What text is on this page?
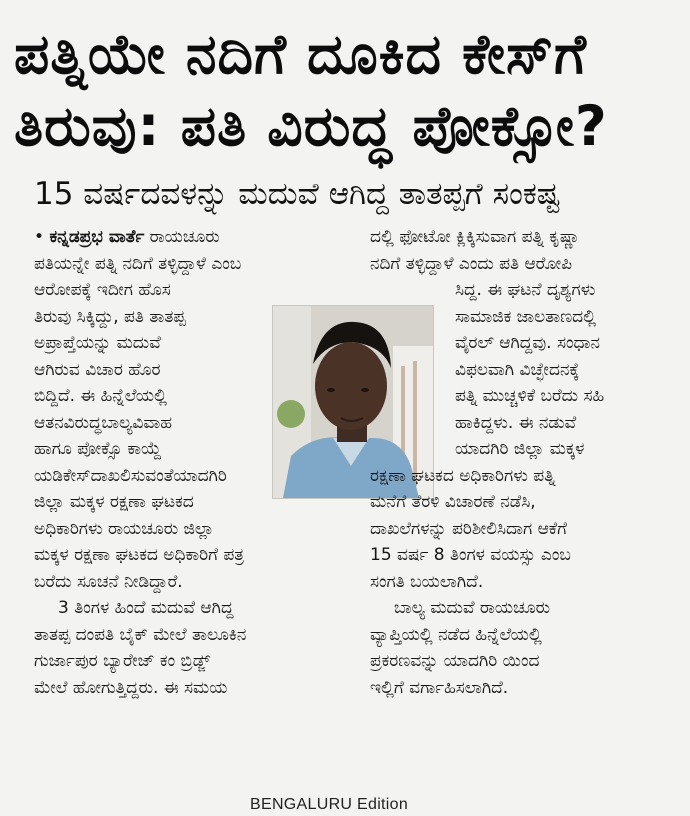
ಪತ್ನಿಯೇ ನದಿಗೆ ದೂಕಿದ ಕೇಸ್‌ಗೆ
ತಿರುವು: ಪತಿ ವಿರುದ್ಧ ಪೋಕ್ಸೋ?
15 ವರ್ಷದವಳನ್ನು ಮದುವೆ ಆಗಿದ್ದ ತಾತಪ್ಪಗೆ ಸಂಕಷ್ಟ
• ಕನ್ನಡಪ್ರಭ ವಾರ್ತೆ ರಾಯಚೂರು
ಪತಿಯನ್ನೇ ಪತ್ನಿ ನದಿಗೆ ತಳ್ಳಿದ್ದಾಳೆ ಎಂಬ
ಆರೋಪಕ್ಕೆ ಇದೀಗ ಹೊಸ
ತಿರುವು ಸಿಕ್ಕಿದ್ದು, ಪತಿ ತಾತಪ್ಪ
ಅಪ್ರಾಪ್ತೆಯನ್ನು ಮದುವೆ
ಆಗಿರುವ ವಿಚಾರ ಹೊರ
ಬಿದ್ದಿದೆ. ಈ ಹಿನ್ನೆಲೆಯಲ್ಲಿ
ಆತನವಿರುದ್ಧಬಾಲ್ಯವಿವಾಹ
ಹಾಗೂ ಪೋಕ್ಸೊ ಕಾಯ್ದೆ
ಯಡಿಕೇಸ್‌ದಾಖಲಿಸುವಂತೆಯಾದಗಿರಿ
ಜಿಲ್ಲಾ ಮಕ್ಕಳ ರಕ್ಷಣಾ ಘಟಕದ
ಅಧಿಕಾರಿಗಳು ರಾಯಚೂರು ಜಿಲ್ಲಾ
ಮಕ್ಕಳ ರಕ್ಷಣಾ ಘಟಕದ ಅಧಿಕಾರಿಗೆ ಪತ್ರ
ಬರೆದು ಸೂಚನೆ ನೀಡಿದ್ದಾರೆ.
3 ತಿಂಗಳ ಹಿಂದೆ ಮದುವೆ ಆಗಿದ್ದ
ತಾತಪ್ಪ ದಂಪತಿ ಬೈಕ್ ಮೇಲೆ ತಾಲೂಕಿನ
ಗುರ್ಜಾಪುರ ಬ್ಯಾರೇಜ್ ಕಂ ಬ್ರಿಡ್ಜ್
ಮೇಲೆ ಹೋಗುತ್ತಿದ್ದರು. ಈ ಸಮಯ
ದಲ್ಲಿ ಫೋಟೋ ಕ್ಲಿಕ್ಕಿಸುವಾಗ ಪತ್ನಿ ಕೃಷ್ಣಾ
ನದಿಗೆ ತಳ್ಳಿದ್ದಾಳೆ ಎಂದು ಪತಿ ಆರೋಪಿ
ಸಿದ್ದ. ಈ ಘಟನೆ ದೃಶ್ಯಗಳು
ಸಾಮಾಜಿಕ ಜಾಲತಾಣದಲ್ಲಿ
ವೈರಲ್ ಆಗಿದ್ದವು. ಸಂಧಾನ
ವಿಫಲವಾಗಿ ವಿಚ್ಛೇದನಕ್ಕೆ
ಪತ್ನಿ ಮುಚ್ಚಳಿಕೆ ಬರೆದು ಸಹಿ
ಹಾಕಿದ್ದಳು. ಈ ನಡುವೆ
ಯಾದಗಿರಿ ಜಿಲ್ಲಾ ಮಕ್ಕಳ
ರಕ್ಷಣಾ ಘಟಕದ ಅಧಿಕಾರಿಗಳು ಪತ್ನಿ
ಮನೆಗೆ ತೆರಳಿ ವಿಚಾರಣೆ ನಡೆಸಿ,
ದಾಖಲೆಗಳನ್ನು ಪರಿಶೀಲಿಸಿದಾಗ ಆಕೆಗೆ
15 ವರ್ಷ 8 ತಿಂಗಳ ವಯಸ್ಸು ಎಂಬ
ಸಂಗತಿ ಬಯಲಾಗಿದೆ.
ಬಾಲ್ಯ ಮದುವೆ ರಾಯಚೂರು
ವ್ಯಾಪ್ತಿಯಲ್ಲಿ ನಡೆದ ಹಿನ್ನೆಲೆಯಲ್ಲಿ
ಪ್ರಕರಣವನ್ನು ಯಾದಗಿರಿ ಯಿಂದ
ಇಲ್ಲಿಗೆ ವರ್ಗಾಹಿಸಲಾಗಿದೆ.
BENGALURU Edition
